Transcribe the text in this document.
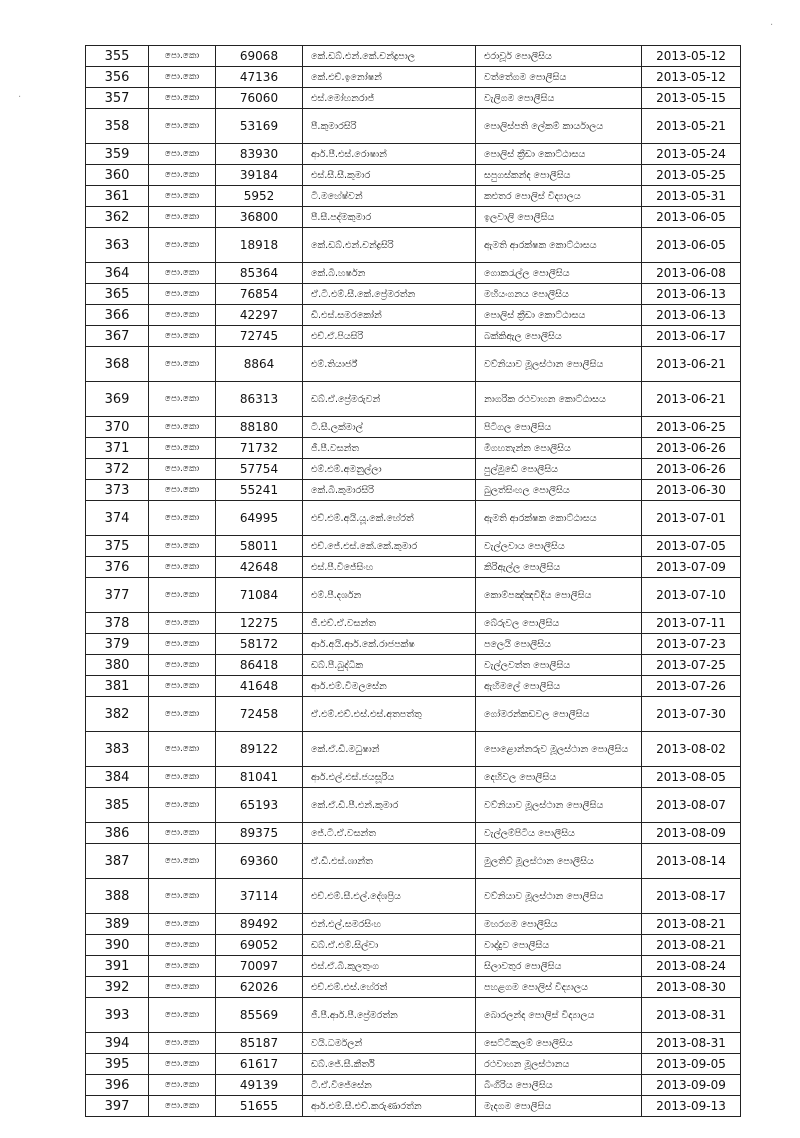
355	පො.කො	69068	කේ.ඩබ්.එන්.කේ.චන්ද්‍රපාල	එරාවූර් පොලීසිය	2013-05-12
356	පො.කො	47136	කේ.එච්.ඉනෝෂන්	වත්තේගම පොලීසිය	2013-05-12
357	පො.කො	76060	එස්.මෝහනරාජ්	වැලිගම පොලීසිය	2013-05-15
358	පො.කො	53169	පී.කුමාරසිරි	පොලිස්පති ලේකම් කාර්යාලය	2013-05-21
359	පො.කො	83930	ආර්.පී.එස්.රොෂාන්	පොලිස් ක්‍රීඩා කොට්ඨාසය	2013-05-24
360	පො.කො	39184	එස්.සී.සී.කුමාර	සපුගස්කන්ද පොලීසිය	2013-05-25
361	පො.කො	5952	ටී.මහේෂ්වන්	කළුතර පොලිස් විද්‍යාලය	2013-05-31
362	පො.කො	36800	පී.සී.පද්මකුමාර	ඉලවාලි පොලීසිය	2013-06-05
363	පො.කො	18918	කේ.ඩබ්.එන්.චන්ද්‍රසිරි	ඇමති ආරක්ෂක කොට්ඨාසය	2013-06-05
364	පො.කො	85364	කේ.බී.හර්ෂන	ගොකරැල්ල පොලීසිය	2013-06-08
365	පො.කො	76854	ඒ.ටී.එම්.සී.කේ.ප්‍රේමරත්න	මහියංගනය පොලීසිය	2013-06-13
366	පො.කො	42297	ඩී.එස්.සමරකෝන්	පොලිස් ක්‍රීඩා කොට්ඨාසය	2013-06-13
367	පො.කො	72745	එච්.ඒ.පියසිරි	බක්කිඇල පොලීසිය	2013-06-17
368	පො.කො	8864	එම්.තියාර්ජ්	වව්නියාව මූලස්ථාන පොලීසිය	2013-06-21
369	පො.කො	86313	ඩබ්.ඒ.ප්‍රේමරුවන්	නාගරික රථවාහන කොට්ඨාසය	2013-06-21
370	පො.කො	88180	ටී.සී.ලක්මාල්	පිටිගල පොලීසිය	2013-06-25
371	පො.කො	71732	ජී.පී.වසන්ත	මීගහතැන්න පොලීසිය	2013-06-26
372	පො.කො	57754	එම්.එම්.අමනුල්ලා	පුල්මුඩේ පොලීසිය	2013-06-26
373	පො.කො	55241	කේ.බී.කුමාරසිරි	බුලත්සිංහල පොලීසිය	2013-06-30
374	පො.කො	64995	එච්.එම්.අයි.යූ.කේ.හේරත්	ඇමති ආරක්ෂක කොට්ඨාසය	2013-07-01
375	පො.කො	58011	එච්.ජේ.එස්.කේ.කේ.කුමාර	වැල්ලවාය පොලීසිය	2013-07-05
376	පො.කො	42648	එස්.පී.වීජේසිංහ	කිරිඇල්ල පොලීසිය	2013-07-09
377	පො.කො	71084	එම්.පී.දර්ශන	කොම්පඤ්ඤවීදිය පොලීසිය	2013-07-10
378	පො.කො	12275	ජී.එච්.ඒ.වසන්ත	බේරුවල පොලීසිය	2013-07-11
379	පො.කො	58172	ආර්.අයි.ආර්.කේ.රාජපක්ෂ	පලෙයි පොලීසිය	2013-07-23
380	පො.කො	86418	ඩබ්.පී.බුද්ධික	වැල්ලවත්ත පොලීසිය	2013-07-25
381	පො.කො	41648	ආර්.එම්.විමලසේන	ඇහිමලේ පොලීසිය	2013-07-26
382	පො.කො	72458	ඒ.එම්.එච්.එස්.එස්.අතපත්තු	ගෝමරන්කඩවල පොලීසිය	2013-07-30
383	පො.කො	89122	කේ.ඒ.ඩී.මධුෂාන්	පොළොන්නරුව මූලස්ථාන පොලීසිය	2013-08-02
384	පො.කො	81041	ආර්.එල්.එස්.ජයසූරිය	දෙහිවල පොලීසිය	2013-08-05
385	පො.කො	65193	කේ.ඒ.ඩී.පී.එන්.කුමාර	වව්නියාව මූලස්ථාන පොලීසිය	2013-08-07
386	පො.කො	89375	ජේ.ටී.ඒ.වසන්ත	වැල්ලම්පිටිය පොලීසිය	2013-08-09
387	පො.කො	69360	ඒ.ඩී.එස්.ශාන්ත	මුලතිව් මූලස්ථාන පොලීසිය	2013-08-14
388	පො.කො	37114	එච්.එම්.සී.එල්.දේශප්‍රිය	වව්නියාව මූලස්ථාන පොලීසිය	2013-08-17
389	පො.කො	89492	එන්.එල්.සමරසිංහ	මහරගම පොලීසිය	2013-08-21
390	පො.කො	69052	ඩබ්.ඒ.එම්.සිල්වා	වාද්දුව පොලීසිය	2013-08-21
391	පො.කො	70097	එස්.ඒ.බී.කුලතුංග	සිලාවතුර පොලීසිය	2013-08-24
392	පො.කො	62026	එච්.එම්.එස්.හේරත්	පහළගම පොලිස් විද්‍යාලය	2013-08-30
393	පො.කො	85569	ජී.පී.ආර්.පී.ප්‍රේමරත්න	බොරලන්ද පොලිස් විද්‍යාලය	2013-08-31
394	පො.කො	85187	වයි.ධර්මලන්	සෙට්ටිකුලම් පොලීසිය	2013-08-31
395	පො.කො	61617	ඩබ්.ජේ.සී.කීර්ති	රථවාහන මූලස්ථානය	2013-09-05
396	පො.කො	49139	ටී.ඒ.විජේසේන	බිංගිරිය පොලීසිය	2013-09-09
397	පො.කො	51655	ආර්.එම්.සී.එච්.කරුණාරත්න	මැදගම පොලීසිය	2013-09-13
·
·
